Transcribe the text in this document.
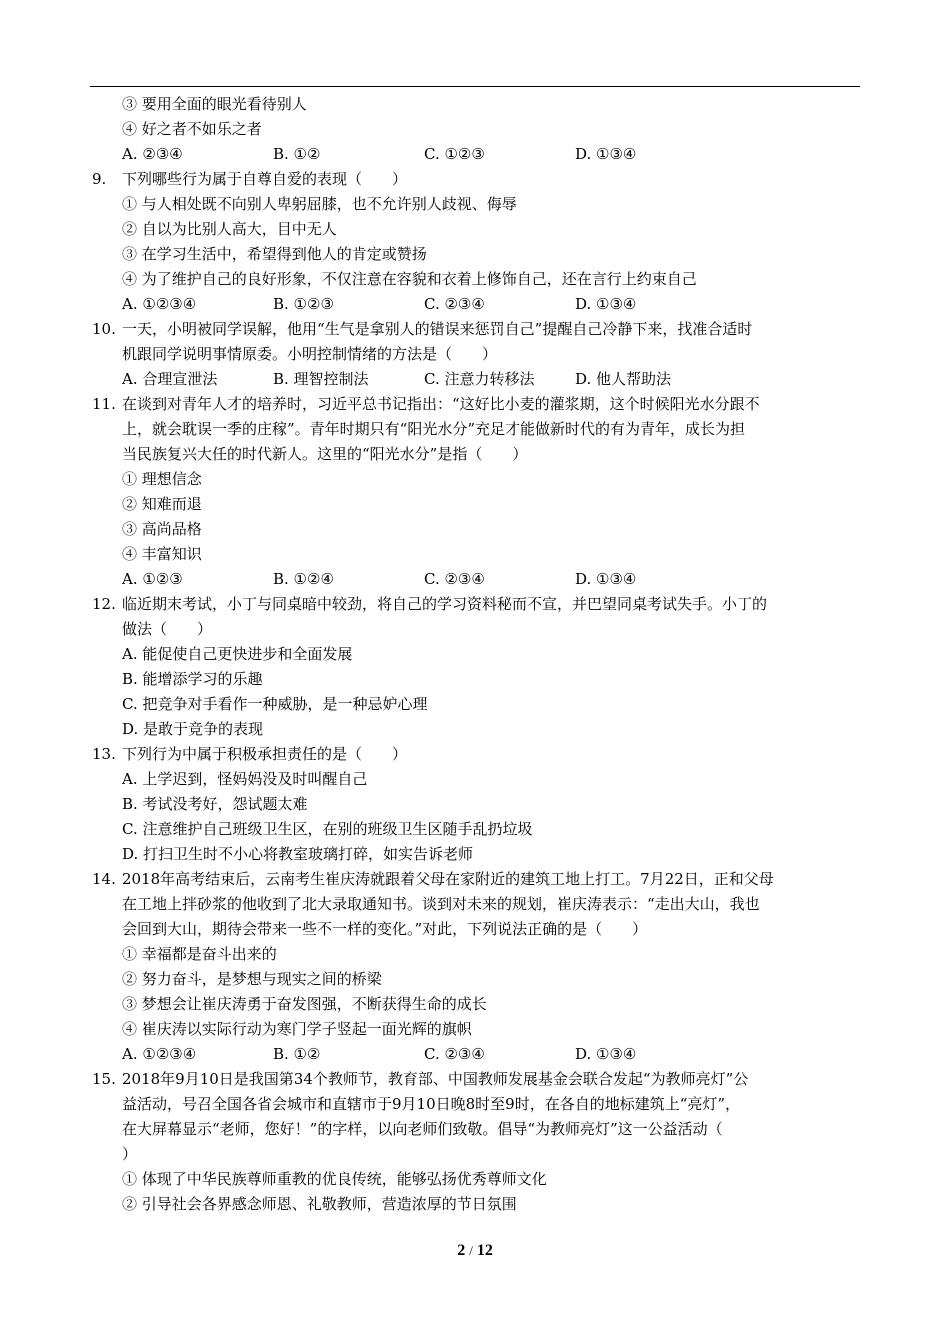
③ 要用全面的眼光看待别人
④ 好之者不如乐之者
A. ②③④	B. ①②	C. ①②③	D. ①③④
9. 下列哪些行为属于自尊自爱的表现（　　）
① 与人相处既不向别人卑躬屈膝，也不允许别人歧视、侮辱
② 自以为比别人高大，目中无人
③ 在学习生活中，希望得到他人的肯定或赞扬
④ 为了维护自己的良好形象，不仅注意在容貌和衣着上修饰自己，还在言行上约束自己
A. ①②③④	B. ①②③	C. ②③④	D. ①③④
10. 一天，小明被同学误解，他用“生气是拿别人的错误来惩罚自己”提醒自己冷静下来，找准合适时
机跟同学说明事情原委。小明控制情绪的方法是（　　）
A. 合理宣泄法	B. 理智控制法	C. 注意力转移法	D. 他人帮助法
11. 在谈到对青年人才的培养时，习近平总书记指出：“这好比小麦的灌浆期，这个时候阳光水分跟不
上，就会耽误一季的庄稼”。青年时期只有“阳光水分”充足才能做新时代的有为青年，成长为担
当民族复兴大任的时代新人。这里的“阳光水分”是指（　　）
① 理想信念
② 知难而退
③ 高尚品格
④ 丰富知识
A. ①②③	B. ①②④	C. ②③④	D. ①③④
12. 临近期末考试，小丁与同桌暗中较劲，将自己的学习资料秘而不宣，并巴望同桌考试失手。小丁的
做法（　　）
A. 能促使自己更快进步和全面发展
B. 能增添学习的乐趣
C. 把竞争对手看作一种威胁，是一种忌妒心理
D. 是敢于竞争的表现
13. 下列行为中属于积极承担责任的是（　　）
A. 上学迟到，怪妈妈没及时叫醒自己
B. 考试没考好，怨试题太难
C. 注意维护自己班级卫生区，在别的班级卫生区随手乱扔垃圾
D. 打扫卫生时不小心将教室玻璃打碎，如实告诉老师
14. 2018年高考结束后，云南考生崔庆涛就跟着父母在家附近的建筑工地上打工。7月22日，正和父母
在工地上拌砂浆的他收到了北大录取通知书。谈到对未来的规划，崔庆涛表示：“走出大山，我也
会回到大山，期待会带来一些不一样的变化。”对此，下列说法正确的是（　　）
① 幸福都是奋斗出来的
② 努力奋斗，是梦想与现实之间的桥梁
③ 梦想会让崔庆涛勇于奋发图强，不断获得生命的成长
④ 崔庆涛以实际行动为寒门学子竖起一面光辉的旗帜
A. ①②③④	B. ①②	C. ②③④	D. ①③④
15. 2018年9月10日是我国第34个教师节，教育部、中国教师发展基金会联合发起“为教师亮灯”公
益活动，号召全国各省会城市和直辖市于9月10日晚8时至9时，在各自的地标建筑上“亮灯”，
在大屏幕显示“老师，您好！”的字样，以向老师们致敬。倡导“为教师亮灯”这一公益活动（
）
① 体现了中华民族尊师重教的优良传统，能够弘扬优秀尊师文化
② 引导社会各界感念师恩、礼敬教师，营造浓厚的节日氛围
2 / 12
